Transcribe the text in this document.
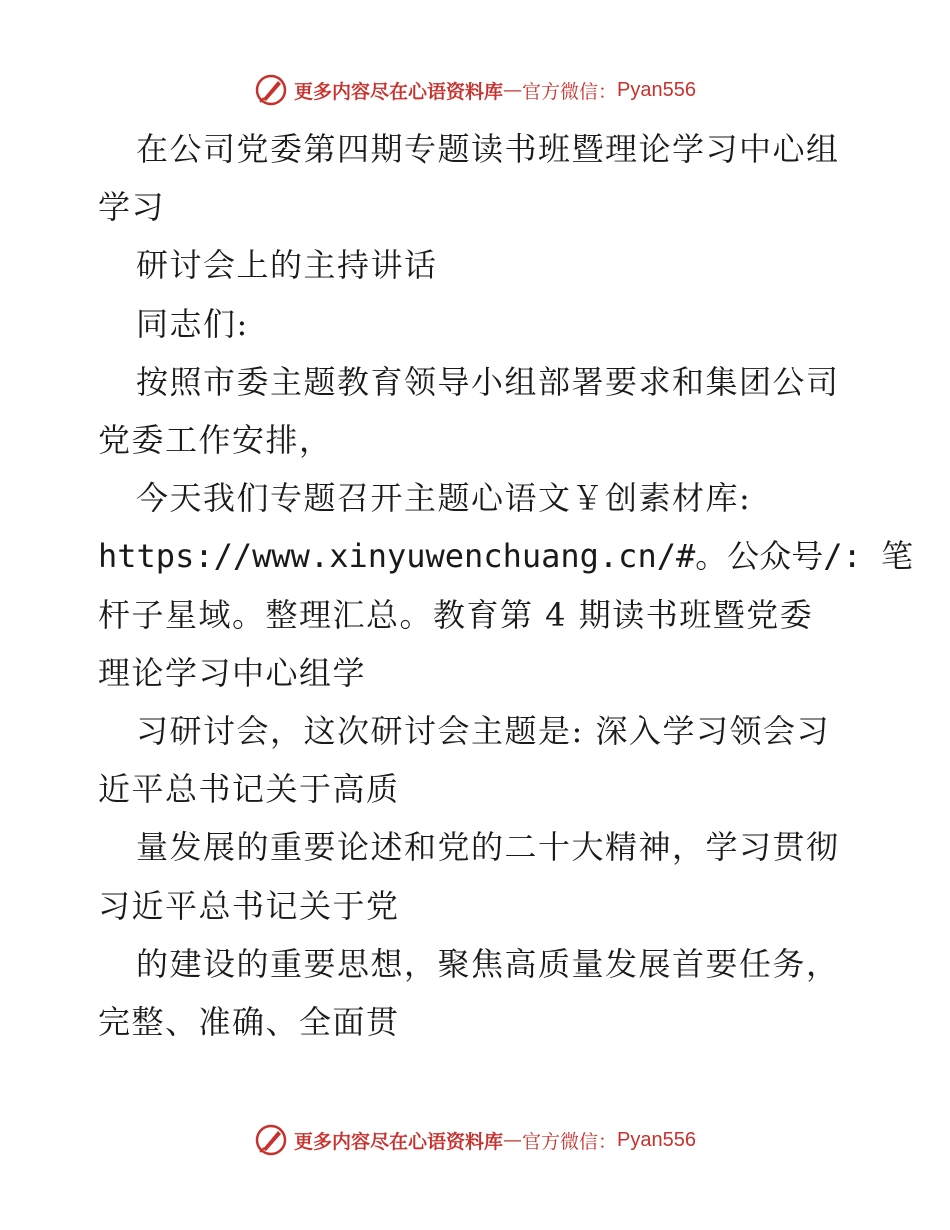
更多内容尽在心语资料库 — 官方微信： Pyan556
在公司党委第四期专题读书班暨理论学习中心组
学习
研讨会上的主持讲话
同志们:
按照市委主题教育领导小组部署要求和集团公司
党委工作安排，
今天我们专题召开主题心语文￥创素材库:
https://www.xinyuwenchuang.cn/#。公众号/: 笔
杆子星域。整理汇总。教育第 4 期读书班暨党委
理论学习中心组学
习研讨会，这次研讨会主题是: 深入学习领会习
近平总书记关于高质
量发展的重要论述和党的二十大精神，学习贯彻
习近平总书记关于党
的建设的重要思想，聚焦高质量发展首要任务，
完整、准确、全面贯
更多内容尽在心语资料库 — 官方微信： Pyan556
